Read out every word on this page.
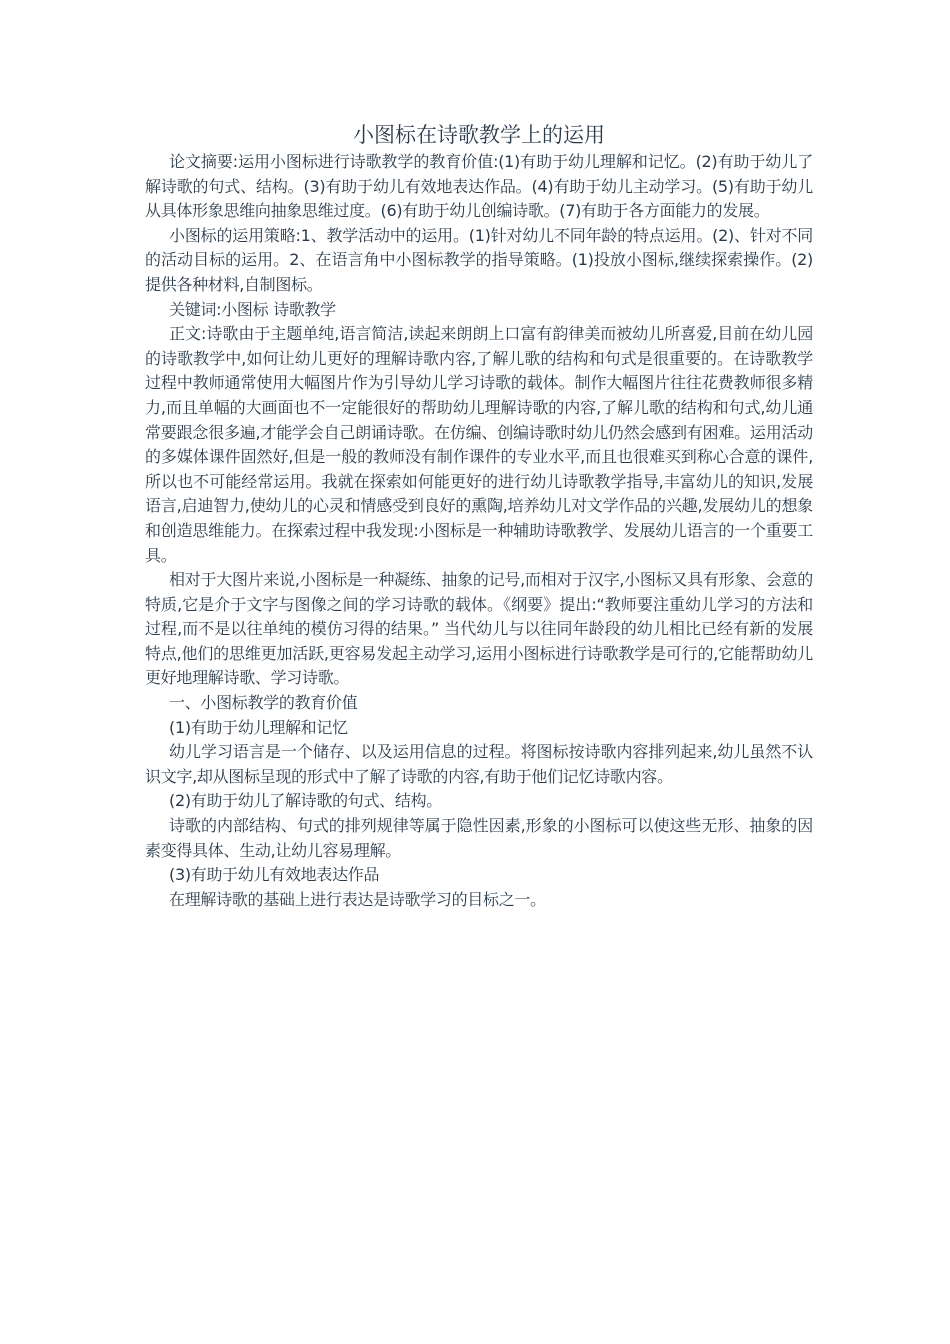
小图标在诗歌教学上的运用

论文摘要:运用小图标进行诗歌教学的教育价值:(1)有助于幼儿理解和记忆。(2)有助于幼儿了解诗歌的句式、结构。(3)有助于幼儿有效地表达作品。(4)有助于幼儿主动学习。(5)有助于幼儿从具体形象思维向抽象思维过度。(6)有助于幼儿创编诗歌。(7)有助于各方面能力的发展。

小图标的运用策略:1、教学活动中的运用。(1)针对幼儿不同年龄的特点运用。(2)、针对不同的活动目标的运用。2、在语言角中小图标教学的指导策略。(1)投放小图标,继续探索操作。(2)提供各种材料,自制图标。

关键词:小图标 诗歌教学

正文:诗歌由于主题单纯,语言简洁,读起来朗朗上口富有韵律美而被幼儿所喜爱,目前在幼儿园的诗歌教学中,如何让幼儿更好的理解诗歌内容,了解儿歌的结构和句式是很重要的。在诗歌教学过程中教师通常使用大幅图片作为引导幼儿学习诗歌的载体。制作大幅图片往往花费教师很多精力,而且单幅的大画面也不一定能很好的帮助幼儿理解诗歌的内容,了解儿歌的结构和句式,幼儿通常要跟念很多遍,才能学会自己朗诵诗歌。在仿编、创编诗歌时幼儿仍然会感到有困难。运用活动的多媒体课件固然好,但是一般的教师没有制作课件的专业水平,而且也很难买到称心合意的课件,所以也不可能经常运用。我就在探索如何能更好的进行幼儿诗歌教学指导,丰富幼儿的知识,发展语言,启迪智力,使幼儿的心灵和情感受到良好的熏陶,培养幼儿对文学作品的兴趣,发展幼儿的想象和创造思维能力。在探索过程中我发现:小图标是一种辅助诗歌教学、发展幼儿语言的一个重要工具。

相对于大图片来说,小图标是一种凝练、抽象的记号,而相对于汉字,小图标又具有形象、会意的特质,它是介于文字与图像之间的学习诗歌的载体。《纲要》提出:“教师要注重幼儿学习的方法和过程,而不是以往单纯的模仿习得的结果。” 当代幼儿与以往同年龄段的幼儿相比已经有新的发展特点,他们的思维更加活跃,更容易发起主动学习,运用小图标进行诗歌教学是可行的,它能帮助幼儿更好地理解诗歌、学习诗歌。

一、小图标教学的教育价值

(1)有助于幼儿理解和记忆

幼儿学习语言是一个储存、以及运用信息的过程。将图标按诗歌内容排列起来,幼儿虽然不认识文字,却从图标呈现的形式中了解了诗歌的内容,有助于他们记忆诗歌内容。

(2)有助于幼儿了解诗歌的句式、结构。

诗歌的内部结构、句式的排列规律等属于隐性因素,形象的小图标可以使这些无形、抽象的因素变得具体、生动,让幼儿容易理解。

(3)有助于幼儿有效地表达作品

在理解诗歌的基础上进行表达是诗歌学习的目标之一。
